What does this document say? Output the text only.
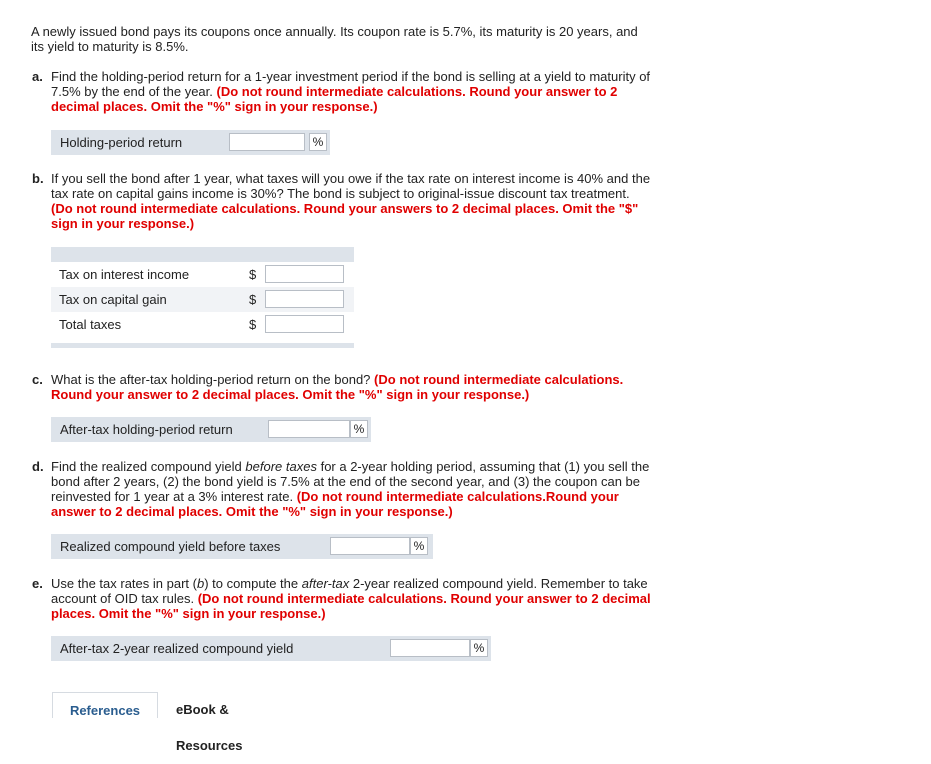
A newly issued bond pays its coupons once annually. Its coupon rate is 5.7%, its maturity is 20 years, and

its yield to maturity is 8.5%.

a. Find the holding-period return for a 1-year investment period if the bond is selling at a yield to maturity of

7.5% by the end of the year. (Do not round intermediate calculations. Round your answer to 2

decimal places. Omit the "%" sign in your response.)

Holding-period return	%
b. If you sell the bond after 1 year, what taxes will you owe if the tax rate on interest income is 40% and the

tax rate on capital gains income is 30%? The bond is subject to original-issue discount tax treatment.

(Do not round intermediate calculations. Round your answers to 2 decimal places. Omit the "$"

sign in your response.)

Tax on interest income	$
Tax on capital gain	$
Total taxes	$
c. What is the after-tax holding-period return on the bond? (Do not round intermediate calculations.

Round your answer to 2 decimal places. Omit the "%" sign in your response.)

After-tax holding-period return	%
d. Find the realized compound yield before taxes for a 2-year holding period, assuming that (1) you sell the

bond after 2 years, (2) the bond yield is 7.5% at the end of the second year, and (3) the coupon can be

reinvested for 1 year at a 3% interest rate. (Do not round intermediate calculations.Round your

answer to 2 decimal places. Omit the "%" sign in your response.)

Realized compound yield before taxes	%
e. Use the tax rates in part (b) to compute the after-tax 2-year realized compound yield. Remember to take

account of OID tax rules. (Do not round intermediate calculations. Round your answer to 2 decimal

places. Omit the "%" sign in your response.)

After-tax 2-year realized compound yield	%
References	eBook & Resources
